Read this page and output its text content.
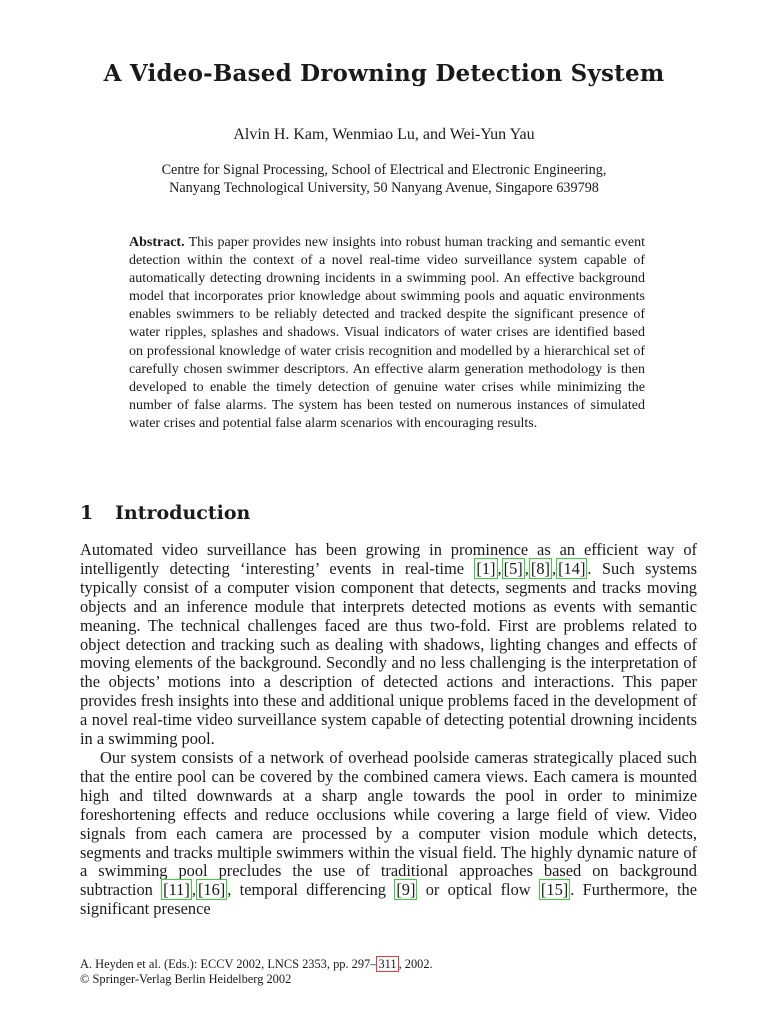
A Video-Based Drowning Detection System
Alvin H. Kam, Wenmiao Lu, and Wei-Yun Yau
Centre for Signal Processing, School of Electrical and Electronic Engineering,
Nanyang Technological University, 50 Nanyang Avenue, Singapore 639798
Abstract. This paper provides new insights into robust human tracking and semantic event detection within the context of a novel real-time video surveillance system capable of automatically detecting drowning incidents in a swimming pool. An effective background model that incorporates prior knowledge about swimming pools and aquatic environments enables swimmers to be reliably detected and tracked despite the significant presence of water ripples, splashes and shadows. Visual indicators of water crises are identified based on professional knowledge of water crisis recognition and modelled by a hierarchical set of carefully chosen swimmer descriptors. An effective alarm generation methodology is then developed to enable the timely detection of genuine water crises while minimizing the number of false alarms. The system has been tested on numerous instances of simulated water crises and potential false alarm scenarios with encouraging results.
1 Introduction

Automated video surveillance has been growing in prominence as an efficient way of intelligently detecting ‘interesting’ events in real-time [1] , [5] , [8] , [14] . Such systems typically consist of a computer vision component that detects, segments and tracks moving objects and an inference module that interprets detected motions as events with semantic meaning. The technical challenges faced are thus two-fold. First are problems related to object detection and tracking such as dealing with shadows, lighting changes and effects of moving elements of the background. Secondly and no less challenging is the interpretation of the objects’ motions into a description of detected actions and interactions. This paper provides fresh insights into these and additional unique problems faced in the development of a novel real-time video surveillance system capable of detecting potential drowning incidents in a swimming pool.

Our system consists of a network of overhead poolside cameras strategically placed such that the entire pool can be covered by the combined camera views. Each camera is mounted high and tilted downwards at a sharp angle towards the pool in order to minimize foreshortening effects and reduce occlusions while covering a large field of view. Video signals from each camera are processed by a computer vision module which detects, segments and tracks multiple swimmers within the visual field. The highly dynamic nature of a swimming pool precludes the use of traditional approaches based on background subtraction [11] , [16] , temporal differencing [9] or optical flow [15] . Furthermore, the significant presence

A. Heyden et al. (Eds.): ECCV 2002, LNCS 2353, pp. 297– 311 , 2002.
© Springer-Verlag Berlin Heidelberg 2002
